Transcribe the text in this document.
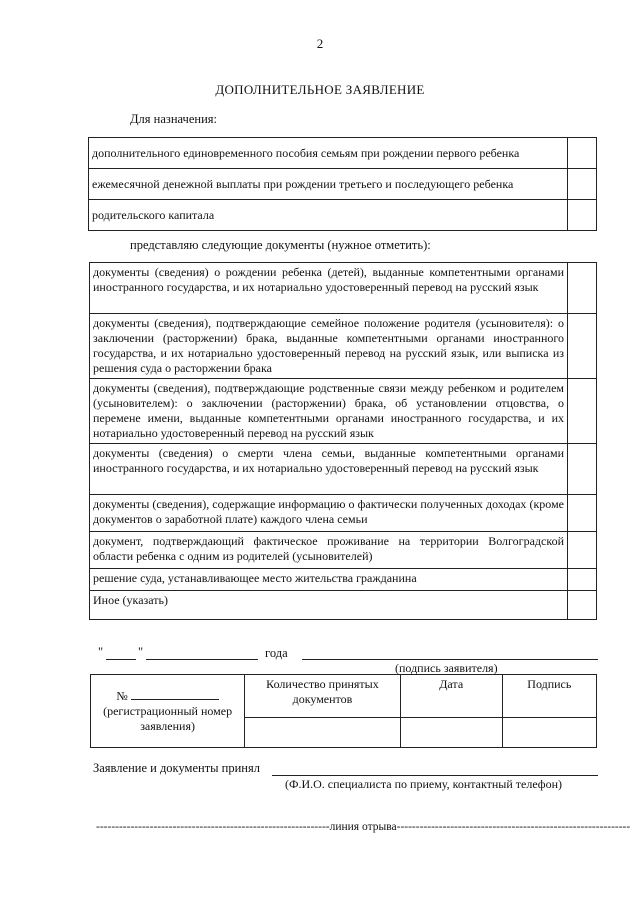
2
ДОПОЛНИТЕЛЬНОЕ ЗАЯВЛЕНИЕ
Для назначения:
дополнительного единовременного пособия семьям при рождении первого ребенка	
ежемесячной денежной выплаты при рождении третьего и последующего ребенка	
родительского капитала	
представляю следующие документы (нужное отметить):
документы (сведения) о рождении ребенка (детей), выданные компетентными органами иностранного государства, и их нотариально удостоверенный перевод на русский язык	
документы (сведения), подтверждающие семейное положение родителя (усыновителя): о заключении (расторжении) брака, выданные компетентными органами иностранного государства, и их нотариально удостоверенный перевод на русский язык, или выписка из решения суда о расторжении брака	
документы (сведения), подтверждающие родственные связи между ребенком и родителем (усыновителем): о заключении (расторжении) брака, об установлении отцовства, о перемене имени, выданные компетентными органами иностранного государства, и их нотариально удостоверенный перевод на русский язык	
документы (сведения) о смерти члена семьи, выданные компетентными органами иностранного государства, и их нотариально удостоверенный перевод на русский язык	
документы (сведения), содержащие информацию о фактически полученных доходах (кроме документов о заработной плате) каждого члена семьи	
документ, подтверждающий фактическое проживание на территории Волгоградской области ребенка с одним из родителей (усыновителей)	
решение суда, устанавливающее место жительства гражданина	
Иное (указать)	
"	"	года
(подпись заявителя)
№
(регистрационный номер заявления)	Количество принятых документов	Дата	Подпись

Заявление и документы принял
(Ф.И.О. специалиста по приему, контактный телефон)
-------------------------------------------------------------линия отрыва-------------------------------------------------------------
